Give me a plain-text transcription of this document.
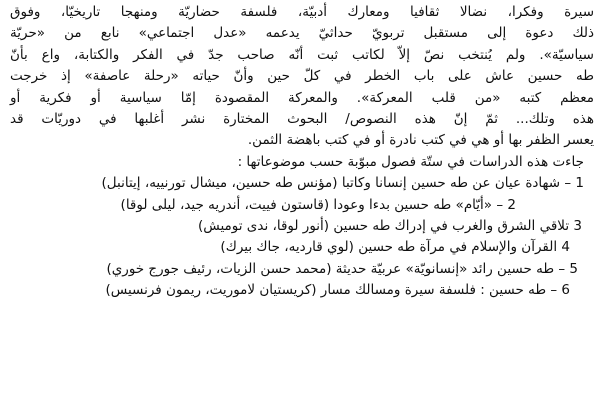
سيرة وفكرا، نضالا ثقافيا ومعارك أدبيّة، فلسفة حضاريّة ومنهجا تاريخيّا، وفوق
ذلك دعوة إلى مستقبل تربويّ حداثيّ يدعمه «عدل اجتماعي» نابع من «حريّة
سياسيّة». ولم يُنتخب نصّ إلاّ لكاتب ثبت أنّه صاحب جدّ في الفكر والكتابة، واع بأنّ
طه حسين عاش على باب الخطر في كلّ حين وأنّ حياته «رحلة عاصفة» إذ خرجت
معظم كتبه «من قلب المعركة». والمعركة المقصودة إمّا سياسية أو فكرية أو
هذه وتلك... ثمّ إنّ هذه النصوص/ البحوث المختارة نشر أغلبها في دوريّات قد
يعسر الظفر بها أو هي في كتب نادرة أو في كتب باهضة الثمن.

جاءت هذه الدراسات في ستّة فصول مبوّبة حسب موضوعاتها :

1 – شهادة عيان عن طه حسين إنسانا وكاتبا (مؤنس طه حسين، ميشال تورنييه، إيتانبل)

2 – «أيّام» طه حسين بدءا وعودا (قاستون فييت، أندريه جيد، ليلى لوقا)

3 تلاقي الشرق والغرب في إدراك طه حسين (أنور لوقا، ندى توميش)

4 القرآن والإسلام في مرآة طه حسين (لوي قارديه، جاك بيرك)

5 – طه حسين رائد «إنسانويّة» عربيّة حديثة (محمد حسن الزيات، رئيف جورج خوري)

6 – طه حسين : فلسفة سيرة ومسالك مسار (كريستيان لاموريت، ريمون فرنسيس)
